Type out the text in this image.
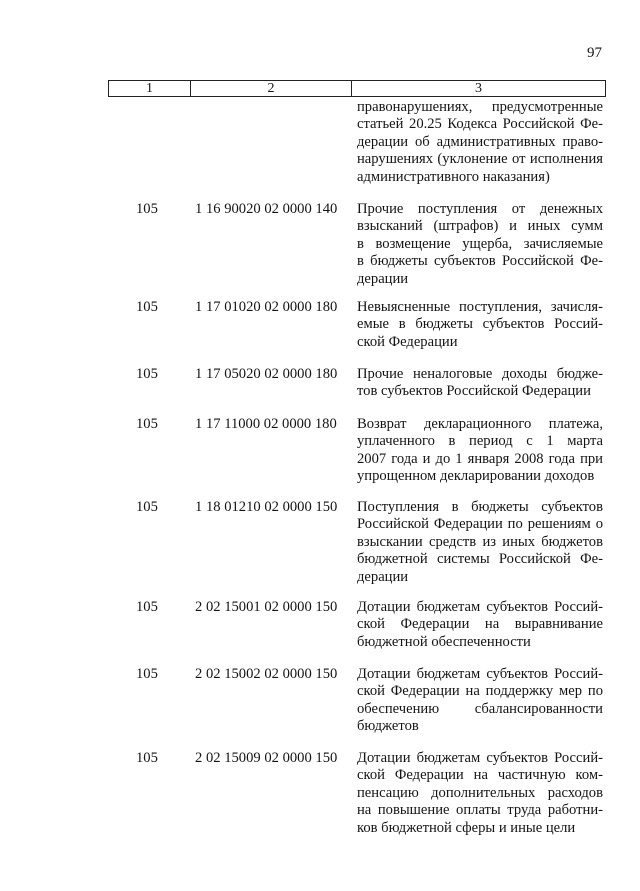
97
1	2	3
правонарушениях, предусмотренные
статьей 20.25 Кодекса Российской Фе-
дерации об административных право-
нарушениях (уклонение от исполнения
административного наказания)
105	1 16 90020 02 0000 140	Прочие поступления от денежных
взысканий (штрафов) и иных сумм
в возмещение ущерба, зачисляемые
в бюджеты субъектов Российской Фе-
дерации
105	1 17 01020 02 0000 180	Невыясненные поступления, зачисля-
емые в бюджеты субъектов Россий-
ской Федерации
105	1 17 05020 02 0000 180	Прочие неналоговые доходы бюдже-
тов субъектов Российской Федерации
105	1 17 11000 02 0000 180	Возврат декларационного платежа,
уплаченного в период с 1 марта
2007 года и до 1 января 2008 года при
упрощенном декларировании доходов
105	1 18 01210 02 0000 150	Поступления в бюджеты субъектов
Российской Федерации по решениям о
взыскании средств из иных бюджетов
бюджетной системы Российской Фе-
дерации
105	2 02 15001 02 0000 150	Дотации бюджетам субъектов Россий-
ской Федерации на выравнивание
бюджетной обеспеченности
105	2 02 15002 02 0000 150	Дотации бюджетам субъектов Россий-
ской Федерации на поддержку мер по
обеспечению сбалансированности
бюджетов
105	2 02 15009 02 0000 150	Дотации бюджетам субъектов Россий-
ской Федерации на частичную ком-
пенсацию дополнительных расходов
на повышение оплаты труда работни-
ков бюджетной сферы и иные цели
